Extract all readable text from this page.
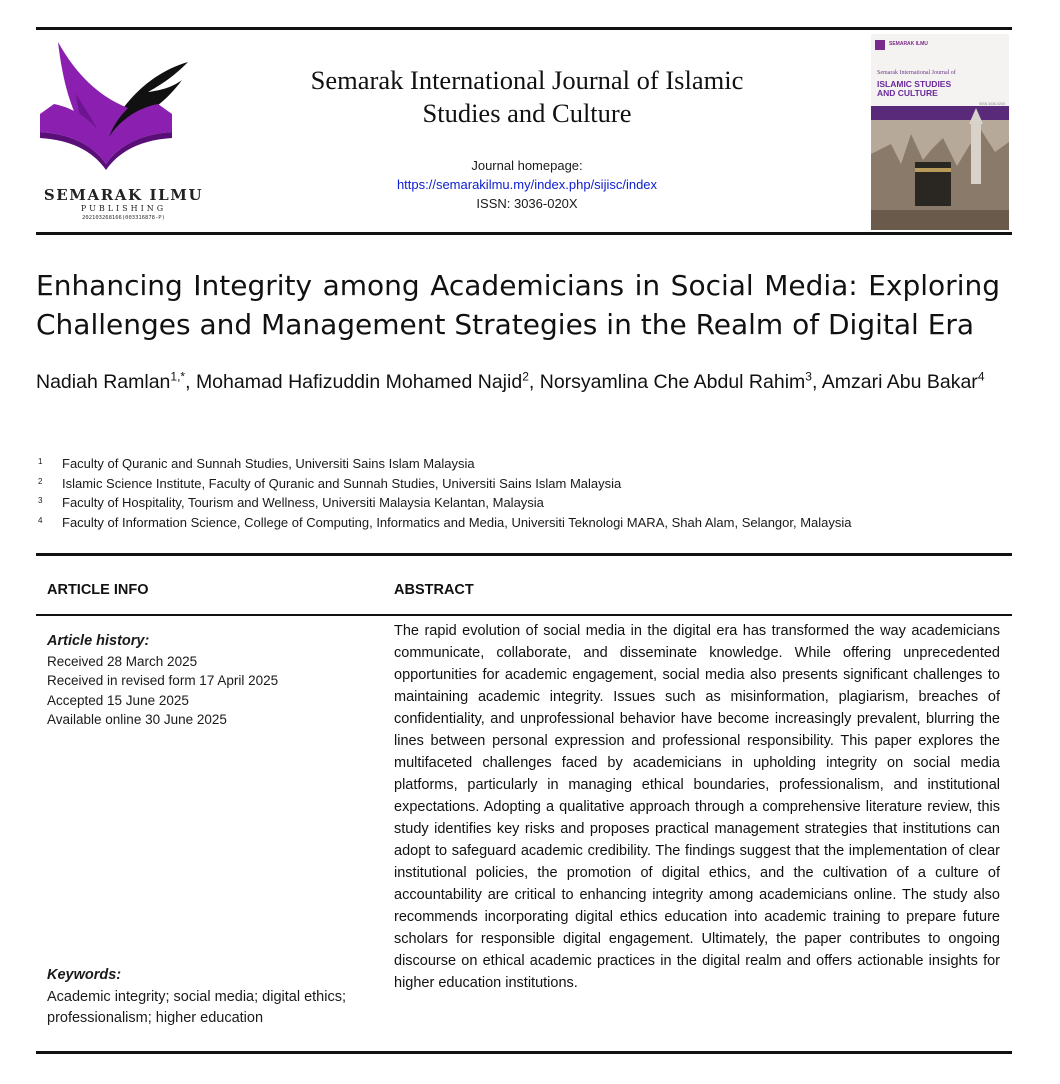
SEMARAK ILMU
PUBLISHING
202103268166(003316878-P)
Semarak International Journal of Islamic
Studies and Culture
Journal homepage:
https://semarakilmu.my/index.php/sijisc/index
ISSN: 3036-020X
SEMARAK ILMU
Semarak International Journal of
ISLAMIC STUDIES
AND CULTURE
ISSN 3036-020X
Enhancing Integrity among Academicians in Social Media: Exploring Challenges and Management Strategies in the Realm of Digital Era
Nadiah Ramlan$^{1,*}$, Mohamad Hafizuddin Mohamed Najid$^2$, Norsyamlina Che Abdul Rahim$^3$, Amzari Abu Bakar$^4$
1	Faculty of Quranic and Sunnah Studies, Universiti Sains Islam Malaysia
2	Islamic Science Institute, Faculty of Quranic and Sunnah Studies, Universiti Sains Islam Malaysia
3	Faculty of Hospitality, Tourism and Wellness, Universiti Malaysia Kelantan, Malaysia
4	Faculty of Information Science, College of Computing, Informatics and Media, Universiti Teknologi MARA, Shah Alam, Selangor, Malaysia
ARTICLE INFO	ABSTRACT
Article history:
Received 28 March 2025
Received in revised form 17 April 2025
Accepted 15 June 2025
Available online 30 June 2025
Keywords:
Academic integrity; social media; digital ethics; professionalism; higher education

The rapid evolution of social media in the digital era has transformed the way academicians communicate, collaborate, and disseminate knowledge. While offering unprecedented opportunities for academic engagement, social media also presents significant challenges to maintaining academic integrity. Issues such as misinformation, plagiarism, breaches of confidentiality, and unprofessional behavior have become increasingly prevalent, blurring the lines between personal expression and professional responsibility. This paper explores the multifaceted challenges faced by academicians in upholding integrity on social media platforms, particularly in managing ethical boundaries, professionalism, and institutional expectations. Adopting a qualitative approach through a comprehensive literature review, this study identifies key risks and proposes practical management strategies that institutions can adopt to safeguard academic credibility. The findings suggest that the implementation of clear institutional policies, the promotion of digital ethics, and the cultivation of a culture of accountability are critical to enhancing integrity among academicians online. The study also recommends incorporating digital ethics education into academic training to prepare future scholars for responsible digital engagement. Ultimately, the paper contributes to ongoing discourse on ethical academic practices in the digital realm and offers actionable insights for higher education institutions.
